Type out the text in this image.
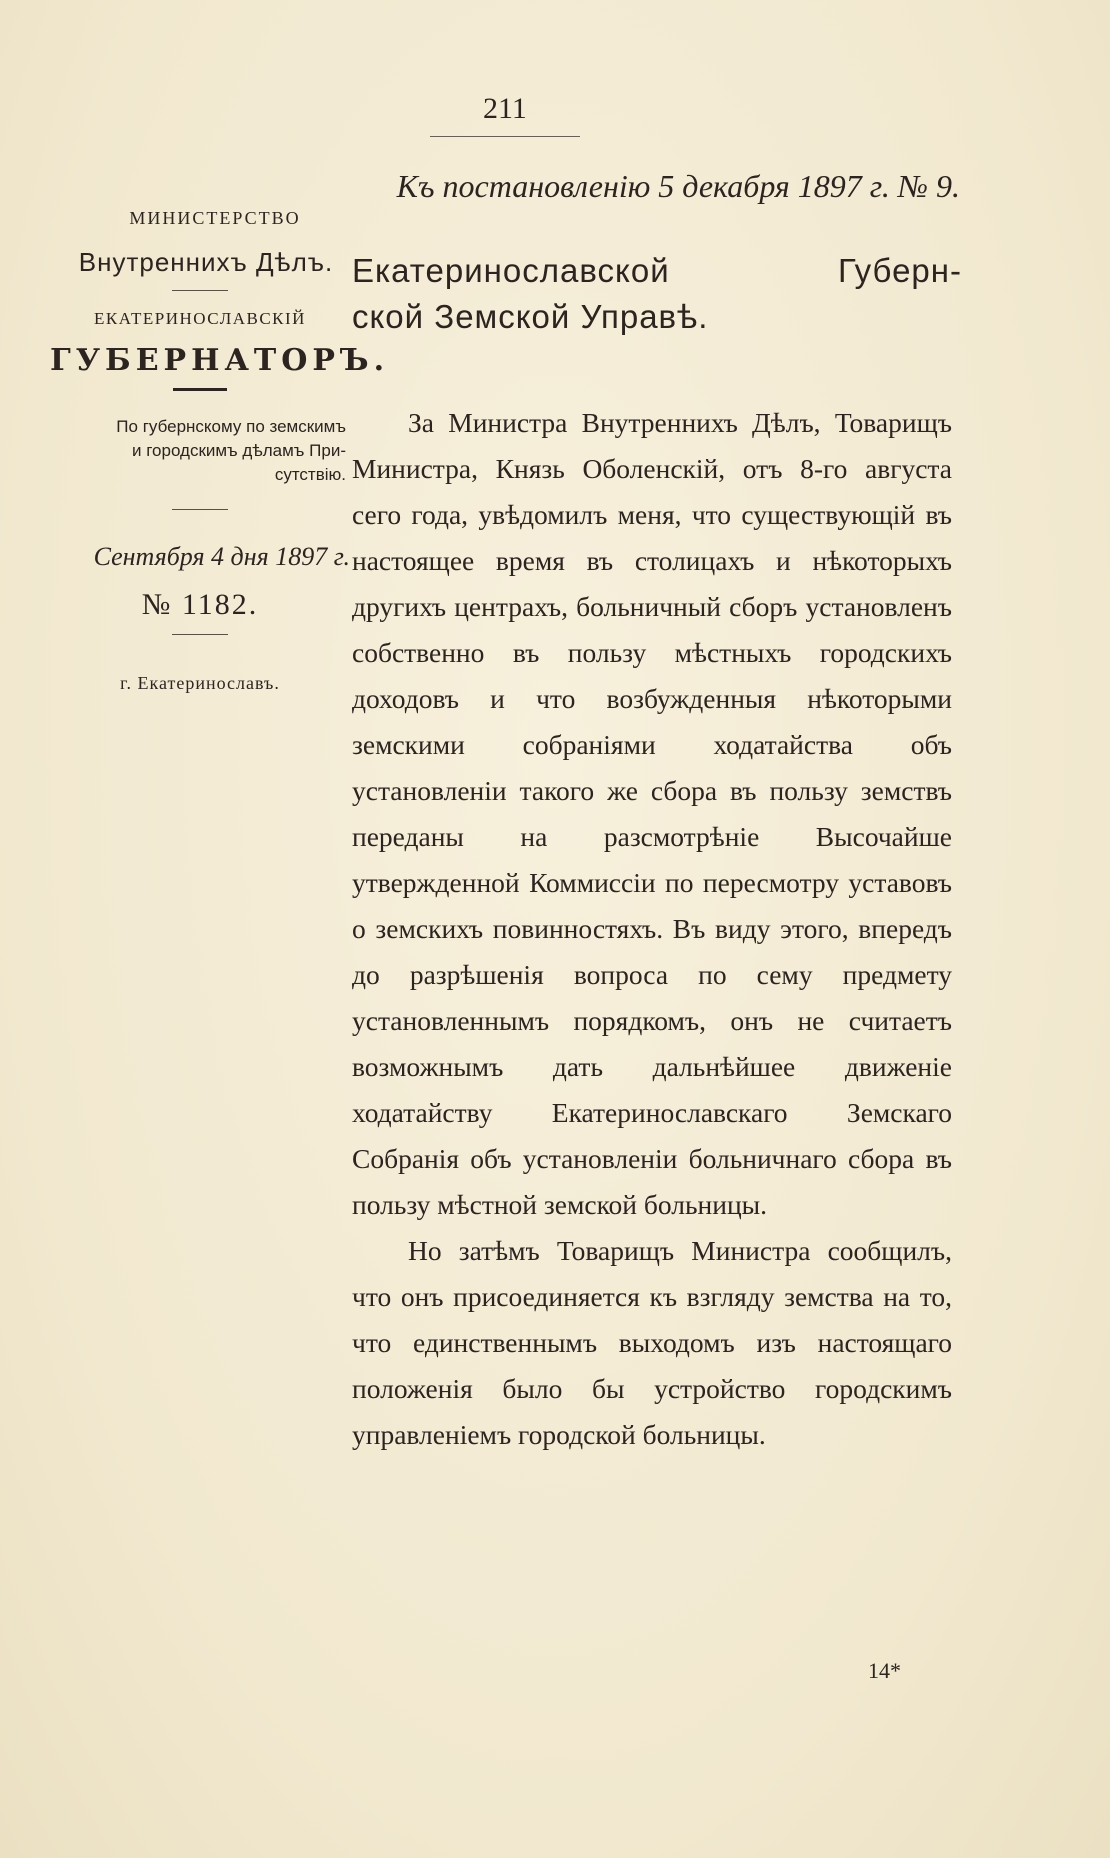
211
Къ постановленію 5 декабря 1897 г. № 9.
МИНИСТЕРСТВО
Внутреннихъ Дѣлъ.
ЕКАТЕРИНОСЛАВСКІЙ
ГУБЕРНАТОРЪ.
По губернскому по земскимъ
и городскимъ дѣламъ При-
сутствію.
Сентября 4 дня 1897 г.
№ 1182.
г. Екатеринославъ.
Екатеринославской Губерн-
ской Земской Управѣ.

За Министра Внутреннихъ Дѣлъ, Товарищъ Министра, Князь Оболенскій, отъ 8-го августа сего года, увѣдомилъ меня, что существующій въ настоящее время въ столицахъ и нѣкоторыхъ другихъ центрахъ, больничный сборъ установленъ собственно въ пользу мѣстныхъ городскихъ доходовъ и что возбужденныя нѣкоторыми земскими собраніями ходатайства объ установленіи такого же сбора въ пользу земствъ переданы на разсмотрѣніе Высочайше утвержденной Коммиссіи по пересмотру уставовъ о земскихъ повинностяхъ. Въ виду этого, впередъ до разрѣшенія вопроса по сему предмету установленнымъ порядкомъ, онъ не считаетъ возможнымъ дать дальнѣйшее движеніе ходатайству Екатеринославскаго Земскаго Собранія объ установленіи больничнаго сбора въ пользу мѣстной земской больницы.

Но затѣмъ Товарищъ Министра сообщилъ, что онъ присоединяется къ взгляду земства на то, что единственнымъ выходомъ изъ настоящаго положенія было бы устройство городскимъ управленіемъ городской больницы.

14*
